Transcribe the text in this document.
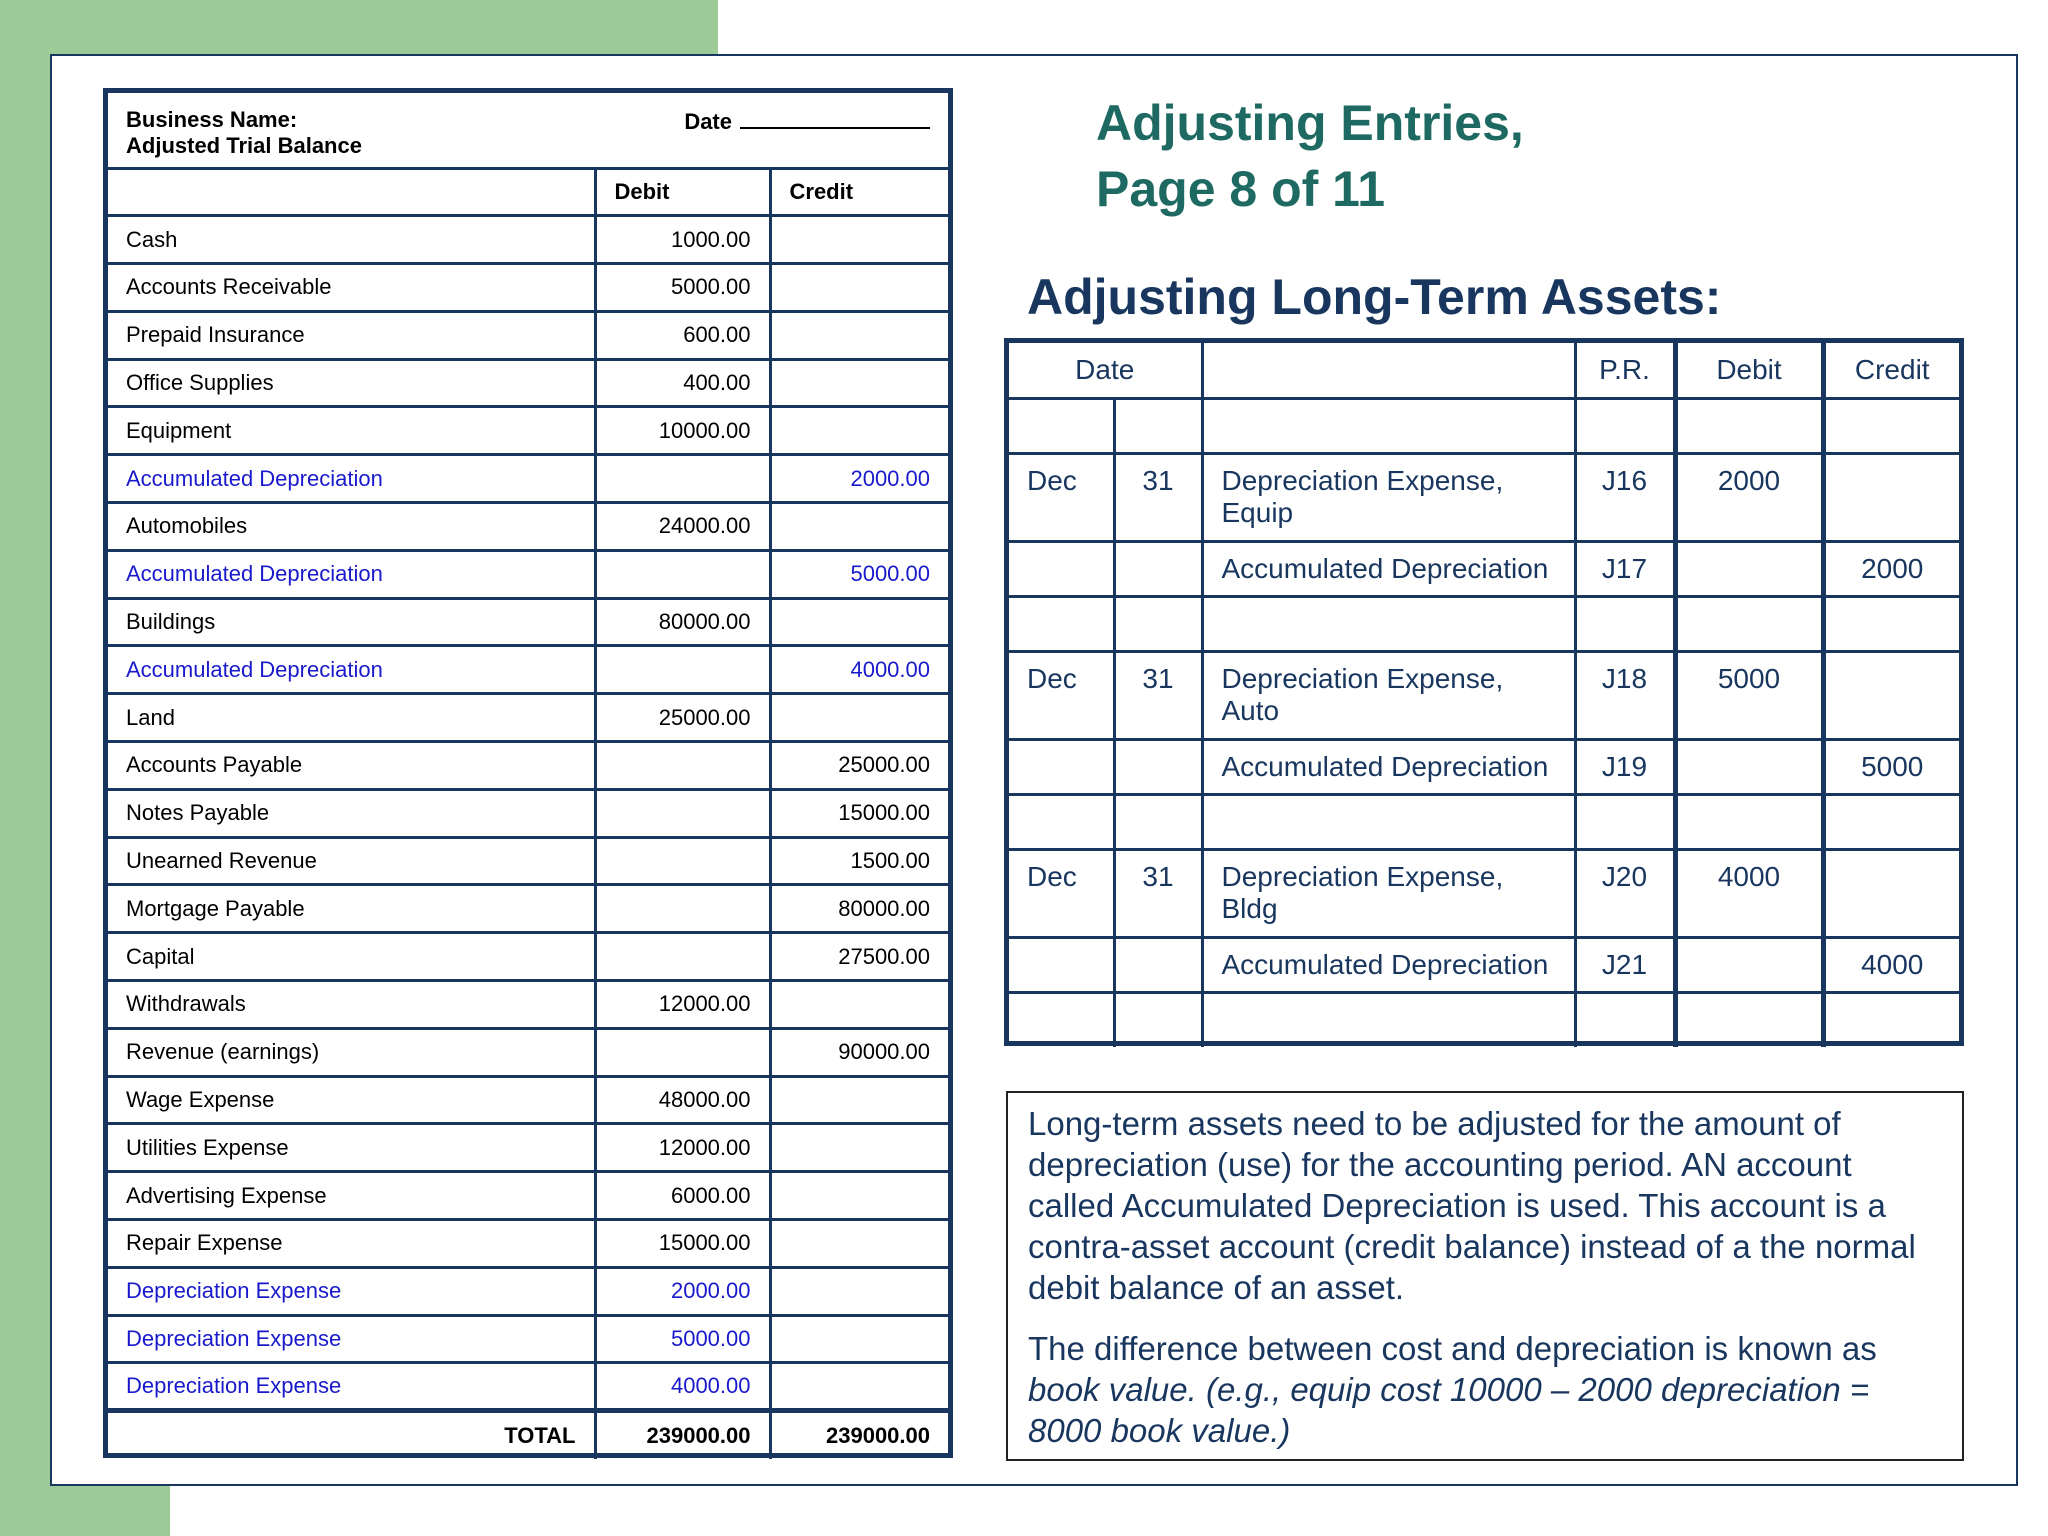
Business Name:
Adjusted Trial Balance
Date		

	Debit	Credit
Cash	1000.00	
Accounts Receivable	5000.00	
Prepaid Insurance	600.00	
Office Supplies	400.00	
Equipment	10000.00	
Accumulated Depreciation		2000.00
Automobiles	24000.00	
Accumulated Depreciation		5000.00
Buildings	80000.00	
Accumulated Depreciation		4000.00
Land	25000.00	
Accounts Payable		25000.00
Notes Payable		15000.00
Unearned Revenue		1500.00
Mortgage Payable		80000.00
Capital		27500.00
Withdrawals	12000.00	
Revenue (earnings)		90000.00
Wage Expense	48000.00	
Utilities Expense	12000.00	
Advertising Expense	6000.00	
Repair Expense	15000.00	
Depreciation Expense	2000.00	
Depreciation Expense	5000.00	
Depreciation Expense	4000.00	
TOTAL	239000.00	239000.00
Adjusting Entries,
Page 8 of 11
Adjusting Long-Term Assets:
Date			P.R.	Debit	Credit

Dec	31	Depreciation Expense, Equip	J16	2000	
		Accumulated Depreciation	J17		2000

Dec	31	Depreciation Expense, Auto	J18	5000	
		Accumulated Depreciation	J19		5000

Dec	31	Depreciation Expense, Bldg	J20	4000	
		Accumulated Depreciation	J21		4000

Long-term assets need to be adjusted for the amount of depreciation (use) for the accounting period. AN account called Accumulated Depreciation is used. This account is a contra-asset account (credit balance) instead of a the normal debit balance of an asset.

The difference between cost and depreciation is known as book value. (e.g., equip cost 10000 – 2000 depreciation = 8000 book value.)
